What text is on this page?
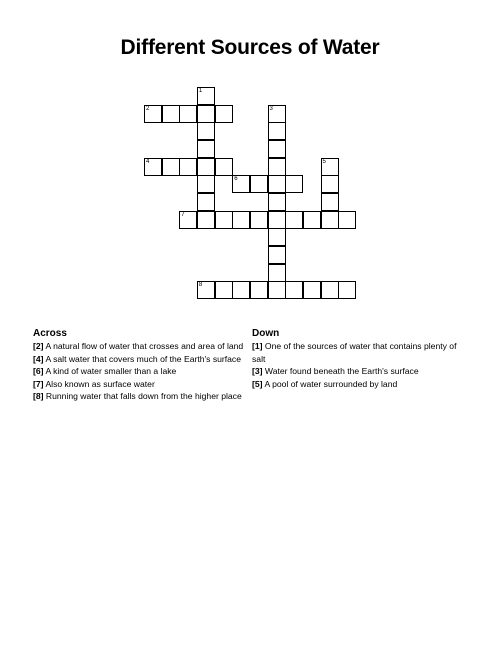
Different Sources of Water
2
4
6
7
8
1
3
5
Across
[2] A natural flow of water that crosses and area of land
[4] A salt water that covers much of the Earth's surface
[6] A kind of water smaller than a lake
[7] Also known as surface water
[8] Running water that falls down from the higher place
Down
[1] One of the sources of water that contains plenty of salt
[3] Water found beneath the Earth's surface
[5] A pool of water surrounded by land
